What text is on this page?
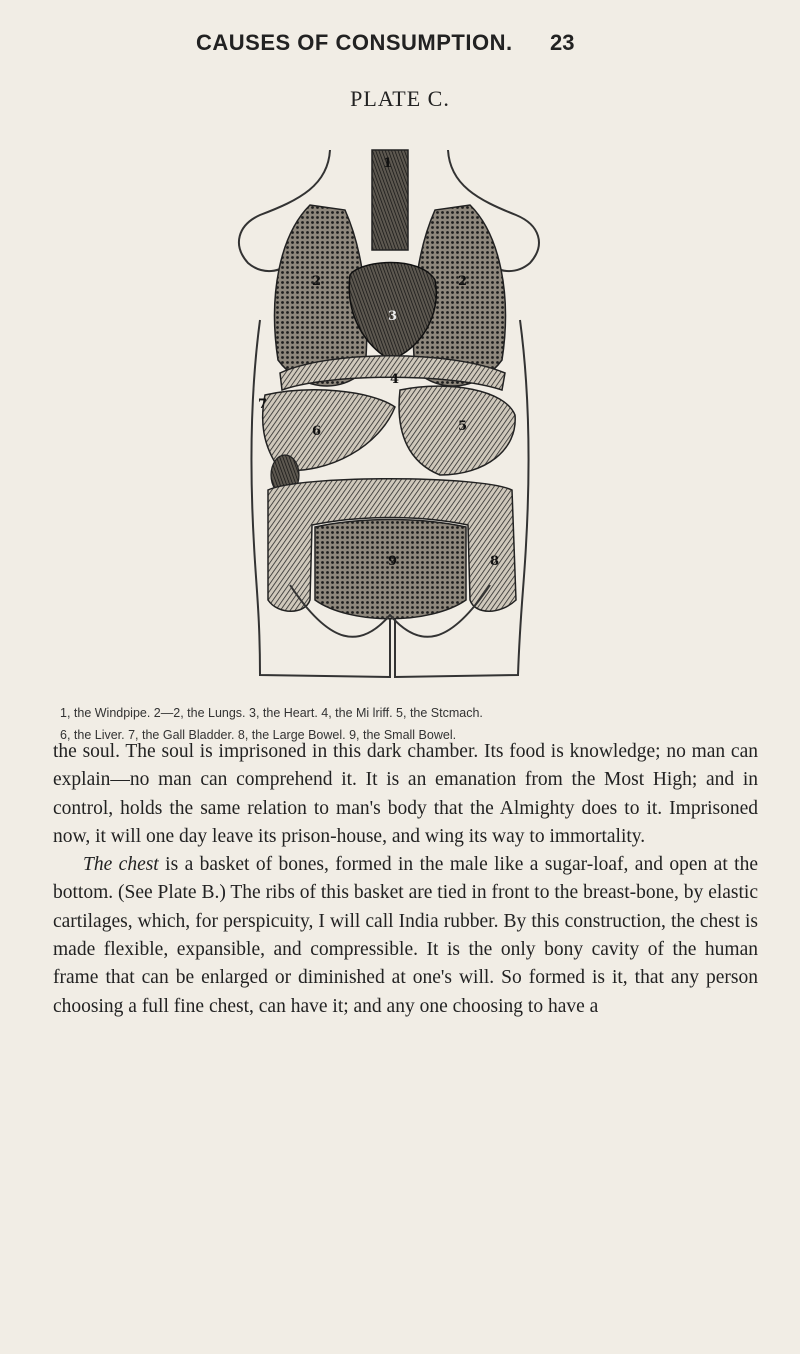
CAUSES OF CONSUMPTION. 23
PLATE C.
1
2	2
3
4
5
6
7
8
9

1, the Windpipe. 2—2, the Lungs. 3, the Heart. 4, the Mi lriff. 5, the Stcmach.

6, the Liver. 7, the Gall Bladder. 8, the Large Bowel. 9, the Small Bowel.

the soul. The soul is imprisoned in this dark chamber. Its food is knowledge; no man can explain—no man can comprehend it. It is an emanation from the Most High; and in control, holds the same relation to man's body that the Almighty does to it. Imprisoned now, it will one day leave its prison-house, and wing its way to immortality.

The chest is a basket of bones, formed in the male like a sugar-loaf, and open at the bottom. (See Plate B.) The ribs of this basket are tied in front to the breast-bone, by elastic cartilages, which, for perspicuity, I will call India rubber. By this construction, the chest is made flexible, expansible, and compressible. It is the only bony cavity of the human frame that can be enlarged or diminished at one's will. So formed is it, that any person choosing a full fine chest, can have it; and any one choosing to have a
